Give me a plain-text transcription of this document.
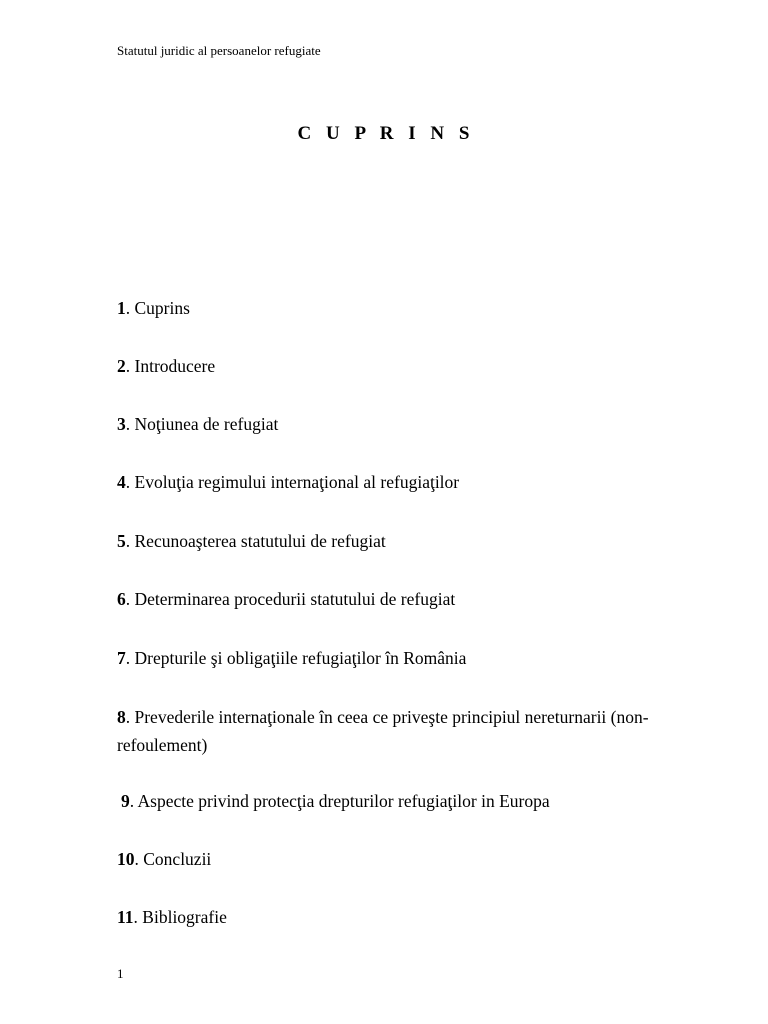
Statutul juridic al persoanelor refugiate
C U P R I N S
1. Cuprins
2. Introducere
3. Noţiunea de refugiat
4. Evoluţia regimului internaţional al refugiaţilor
5. Recunoaşterea statutului de refugiat
6. Determinarea procedurii statutului de refugiat
7. Drepturile şi obligaţiile refugiaţilor în România
8. Prevederile internaţionale în ceea ce priveşte principiul nereturnarii (non-refoulement)
9. Aspecte privind protecţia drepturilor refugiaţilor in Europa
10. Concluzii
11. Bibliografie
1
